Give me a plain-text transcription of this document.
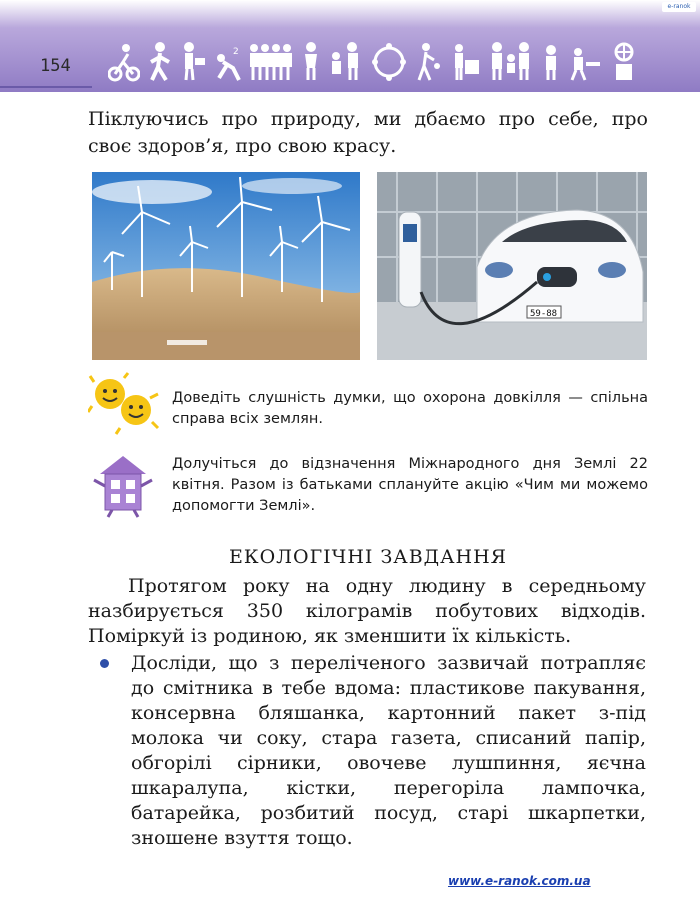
e-ranok
154
2
Піклуючись про природу, ми дбаємо про себе, про своє здоров’я, про свою красу.
59-88
Доведіть слушність думки, що охорона довкілля — спільна справа всіх землян.
Долучіться до відзначення Міжнародного дня Землі 22 квітня. Разом із батьками сплануйте акцію «Чим ми можемо допомогти Землі».
ЕКОЛОГІЧНІ ЗАВДАННЯ
Протягом року на одну людину в середньому назбирується 350 кілограмів побутових відходів. Поміркуй із родиною, як зменшити їх кількість.
Досліди, що з переліченого зазвичай потрапляє до смітника в тебе вдома: пластикове пакування, консервна бляшанка, картонний пакет з-під молока чи соку, стара газета, списаний папір, обгорілі сірники, овочеве лушпиння, яєчна шкаралупа, кістки, перегоріла лампочка, батарейка, розбитий посуд, старі шкарпетки, зношене взуття тощо.
www.e-ranok.com.ua
